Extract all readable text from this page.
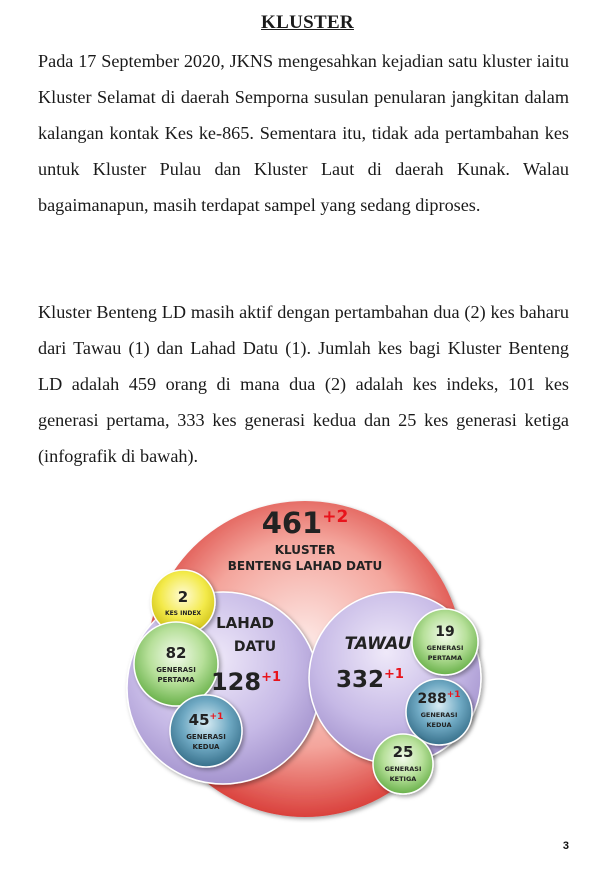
KLUSTER

Pada 17 September 2020, JKNS mengesahkan kejadian satu kluster iaitu Kluster Selamat di daerah Semporna susulan penularan jangkitan dalam kalangan kontak Kes ke-865. Sementara itu, tidak ada pertambahan kes untuk Kluster Pulau dan Kluster Laut di daerah Kunak. Walau bagaimanapun, masih terdapat sampel yang sedang diproses.

Kluster Benteng LD masih aktif dengan pertambahan dua (2) kes baharu dari Tawau (1) dan Lahad Datu (1). Jumlah kes bagi Kluster Benteng LD adalah 459 orang di mana dua (2) adalah kes indeks, 101 kes generasi pertama, 333 kes generasi kedua dan 25 kes generasi ketiga (infografik di bawah).

$461^{+2}$
KLUSTER
BENTENG LAHAD DATU
2
KES INDEX
82
GENERASI
PERTAMA
$45^{+1}$
GENERASI
KEDUA
LAHAD
DATU
$128^{+1}$
TAWAU
$332^{+1}$
19
GENERASI
PERTAMA
$288^{+1}$
GENERASI
KEDUA
25
GENERASI
KETIGA
3
